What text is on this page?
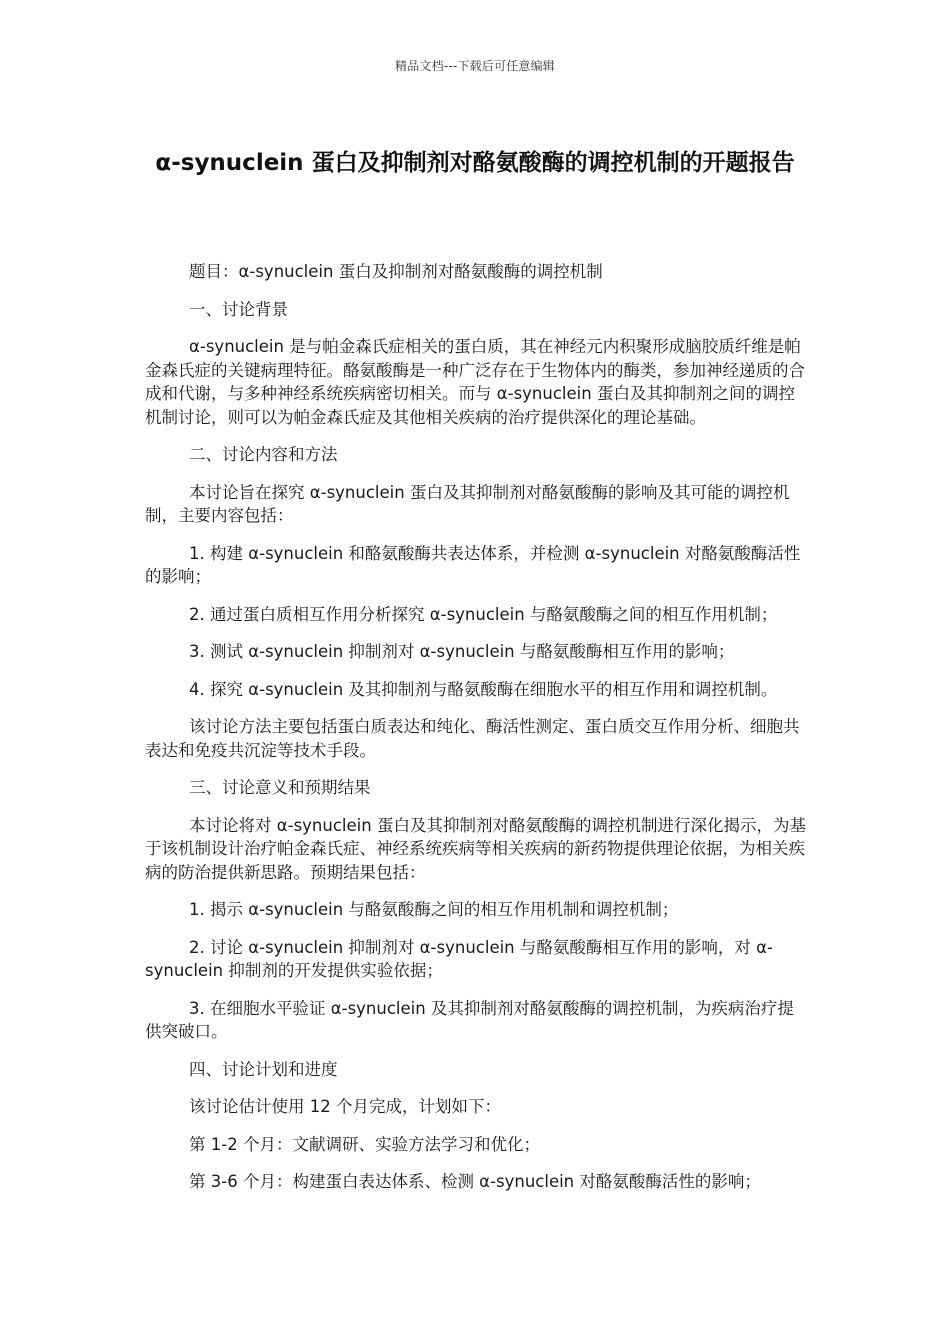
精品文档---下载后可任意编辑
α-synuclein 蛋白及抑制剂对酪氨酸酶的调控机制的开题报告

题目：α-synuclein 蛋白及抑制剂对酪氨酸酶的调控机制

一、讨论背景

α-synuclein 是与帕金森氏症相关的蛋白质，其在神经元内积聚形成脑胶质纤维是帕金森氏症的关键病理特征。酪氨酸酶是一种广泛存在于生物体内的酶类，参加神经递质的合成和代谢，与多种神经系统疾病密切相关。而与 α-synuclein 蛋白及其抑制剂之间的调控机制讨论，则可以为帕金森氏症及其他相关疾病的治疗提供深化的理论基础。

二、讨论内容和方法

本讨论旨在探究 α-synuclein 蛋白及其抑制剂对酪氨酸酶的影响及其可能的调控机制，主要内容包括：

1. 构建 α-synuclein 和酪氨酸酶共表达体系，并检测 α-synuclein 对酪氨酸酶活性的影响；

2. 通过蛋白质相互作用分析探究 α-synuclein 与酪氨酸酶之间的相互作用机制；

3. 测试 α-synuclein 抑制剂对 α-synuclein 与酪氨酸酶相互作用的影响；

4. 探究 α-synuclein 及其抑制剂与酪氨酸酶在细胞水平的相互作用和调控机制。

该讨论方法主要包括蛋白质表达和纯化、酶活性测定、蛋白质交互作用分析、细胞共表达和免疫共沉淀等技术手段。

三、讨论意义和预期结果

本讨论将对 α-synuclein 蛋白及其抑制剂对酪氨酸酶的调控机制进行深化揭示，为基于该机制设计治疗帕金森氏症、神经系统疾病等相关疾病的新药物提供理论依据，为相关疾病的防治提供新思路。预期结果包括：

1. 揭示 α-synuclein 与酪氨酸酶之间的相互作用机制和调控机制；

2. 讨论 α-synuclein 抑制剂对 α-synuclein 与酪氨酸酶相互作用的影响，对 α-synuclein 抑制剂的开发提供实验依据；

3. 在细胞水平验证 α-synuclein 及其抑制剂对酪氨酸酶的调控机制，为疾病治疗提供突破口。

四、讨论计划和进度

该讨论估计使用 12 个月完成，计划如下：

第 1-2 个月：文献调研、实验方法学习和优化；

第 3-6 个月：构建蛋白表达体系、检测 α-synuclein 对酪氨酸酶活性的影响；
